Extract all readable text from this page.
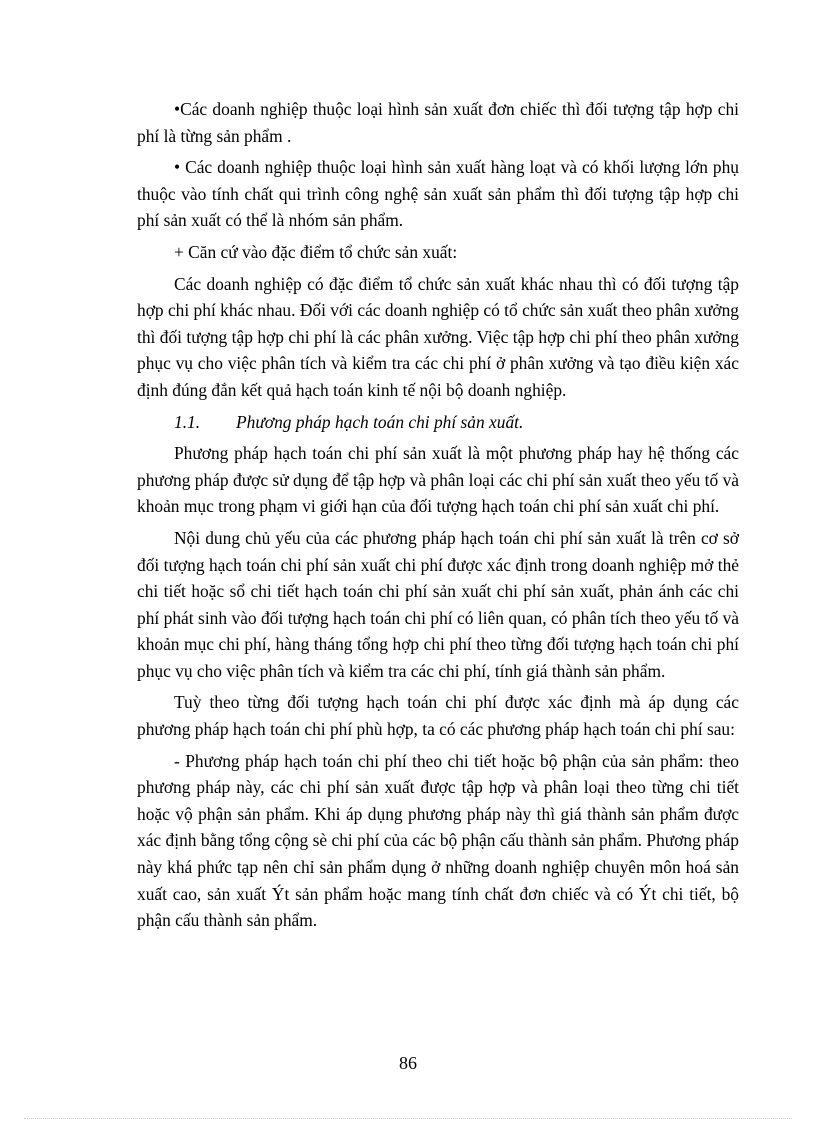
•Các doanh nghiệp thuộc loại hình sản xuất đơn chiếc thì đối tượng tập hợp chi phí là từng sản phẩm .

• Các doanh nghiệp thuộc loại hình sản xuất hàng loạt và có khối lượng lớn phụ thuộc vào tính chất qui trình công nghệ sản xuất sản phẩm thì đối tượng tập hợp chi phí sản xuất có thể là nhóm sản phẩm.

+ Căn cứ vào đặc điểm tổ chức sản xuất:

Các doanh nghiệp có đặc điểm tổ chức sản xuất khác nhau thì có đối tượng tập hợp chi phí khác nhau. Đối với các doanh nghiệp có tổ chức sản xuất theo phân xưởng thì đối tượng tập hợp chi phí là các phân xưởng. Việc tập hợp chi phí theo phân xưởng phục vụ cho việc phân tích và kiểm tra các chi phí ở phân xưởng và tạo điều kiện xác định đúng đắn kết quả hạch toán kinh tế nội bộ doanh nghiệp.

1.1. Phương pháp hạch toán chi phí sản xuất.

Phương pháp hạch toán chi phí sản xuất là một phương pháp hay hệ thống các phương pháp được sử dụng để tập hợp và phân loại các chi phí sản xuất theo yếu tố và khoản mục trong phạm vi giới hạn của đối tượng hạch toán chi phí sản xuất chi phí.

Nội dung chủ yếu của các phương pháp hạch toán chi phí sản xuất là trên cơ sở đối tượng hạch toán chi phí sản xuất chi phí được xác định trong doanh nghiệp mở thẻ chi tiết hoặc sổ chi tiết hạch toán chi phí sản xuất chi phí sản xuất, phản ánh các chi phí phát sinh vào đối tượng hạch toán chi phí có liên quan, có phân tích theo yếu tố và khoản mục chi phí, hàng tháng tổng hợp chi phí theo từng đối tượng hạch toán chi phí phục vụ cho việc phân tích và kiểm tra các chi phí, tính giá thành sản phẩm.

Tuỳ theo từng đối tượng hạch toán chi phí được xác định mà áp dụng các phương pháp hạch toán chi phí phù hợp, ta có các phương pháp hạch toán chi phí sau:

- Phương pháp hạch toán chi phí theo chi tiết hoặc bộ phận của sản phẩm: theo phương pháp này, các chi phí sản xuất được tập hợp và phân loại theo từng chi tiết hoặc vộ phận sản phẩm. Khi áp dụng phương pháp này thì giá thành sản phẩm được xác định bằng tổng cộng sè chi phí của các bộ phận cấu thành sản phẩm. Phương pháp này khá phức tạp nên chỉ sản phẩm dụng ở những doanh nghiệp chuyên môn hoá sản xuất cao, sản xuất Ýt sản phẩm hoặc mang tính chất đơn chiếc và có Ýt chi tiết, bộ phận cấu thành sản phẩm.

86
